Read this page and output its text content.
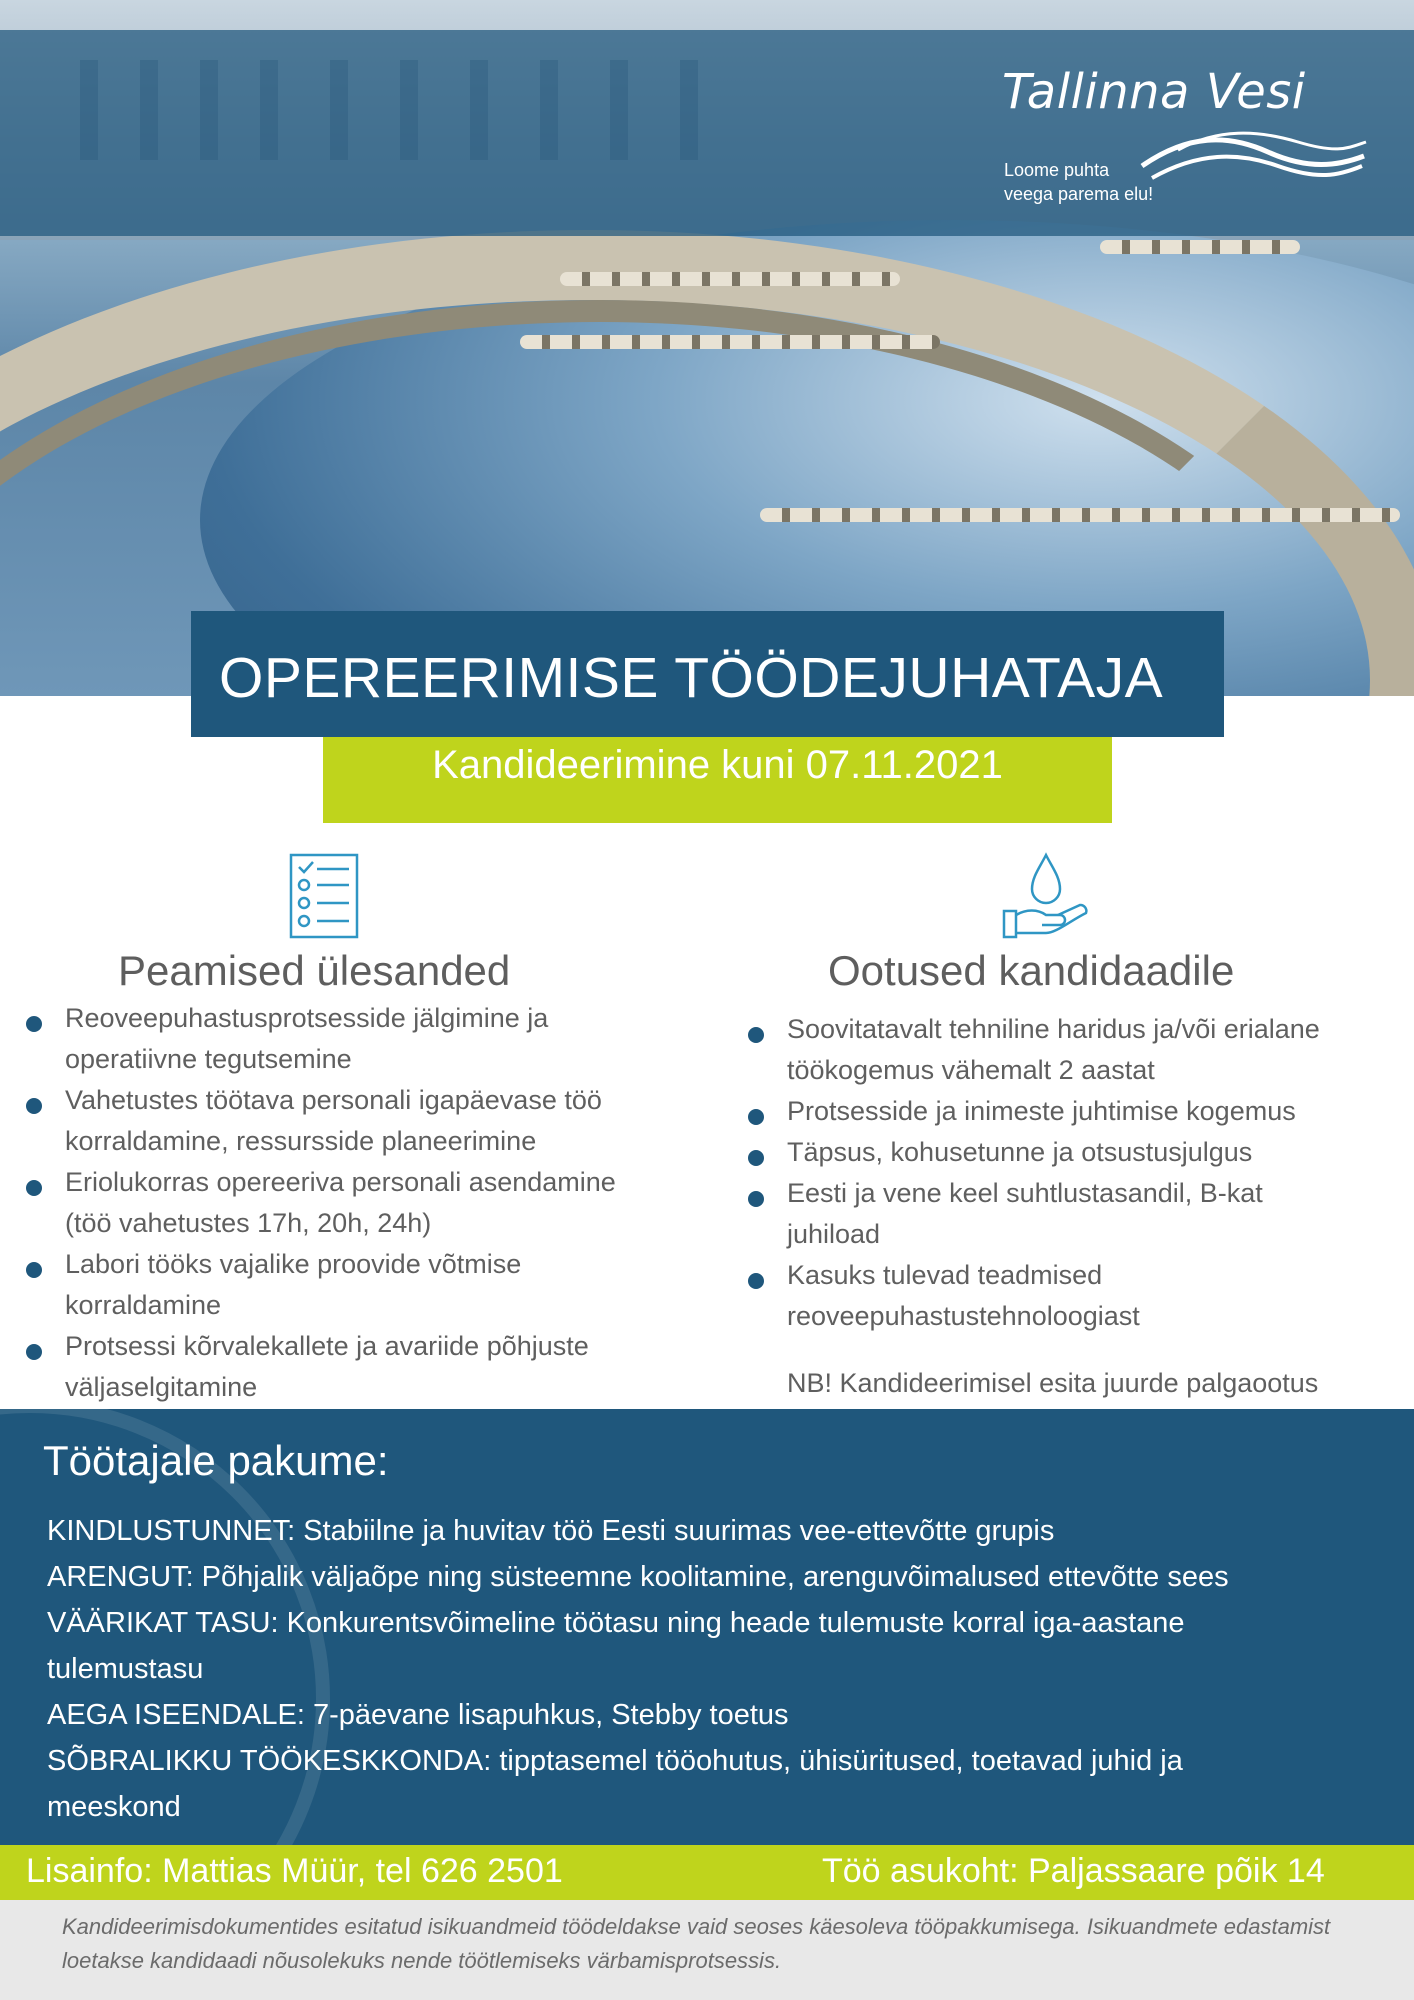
Tallinna Vesi
Loome puhta
veega parema elu!
OPEREERIMISE TÖÖDEJUHATAJA
Kandideerimine kuni 07.11.2021
Peamised ülesanded	Ootused kandidaadile
Reoveepuhastusprotsesside jälgimine ja
operatiivne tegutsemine
Vahetustes töötava personali igapäevase töö
korraldamine, ressursside planeerimine
Eriolukorras opereeriva personali asendamine
(töö vahetustes 17h, 20h, 24h)
Labori tööks vajalike proovide võtmise
korraldamine
Protsessi kõrvalekallete ja avariide põhjuste
väljaselgitamine
Soovitatavalt tehniline haridus ja/või erialane
töökogemus vähemalt 2 aastat
Protsesside ja inimeste juhtimise kogemus
Täpsus, kohusetunne ja otsustusjulgus
Eesti ja vene keel suhtlustasandil, B-kat
juhiload
Kasuks tulevad teadmised
reoveepuhastustehnoloogiast
NB! Kandideerimisel esita juurde palgaootus
Töötajale pakume:
KINDLUSTUNNET: Stabiilne ja huvitav töö Eesti suurimas vee-ettevõtte grupis
ARENGUT: Põhjalik väljaõpe ning süsteemne koolitamine, arenguvõimalused ettevõtte sees
VÄÄRIKAT TASU: Konkurentsvõimeline töötasu ning heade tulemuste korral iga-aastane
tulemustasu
AEGA ISEENDALE: 7-päevane lisapuhkus, Stebby toetus
SÕBRALIKKU TÖÖKESKKONDA: tipptasemel tööohutus, ühisüritused, toetavad juhid ja
meeskond
Lisainfo: Mattias Müür, tel 626 2501	Töö asukoht: Paljassaare põik 14

Kandideerimisdokumentides esitatud isikuandmeid töödeldakse vaid seoses käesoleva tööpakkumisega. Isikuandmete edastamist loetakse kandidaadi nõusolekuks nende töötlemiseks värbamisprotsessis.
